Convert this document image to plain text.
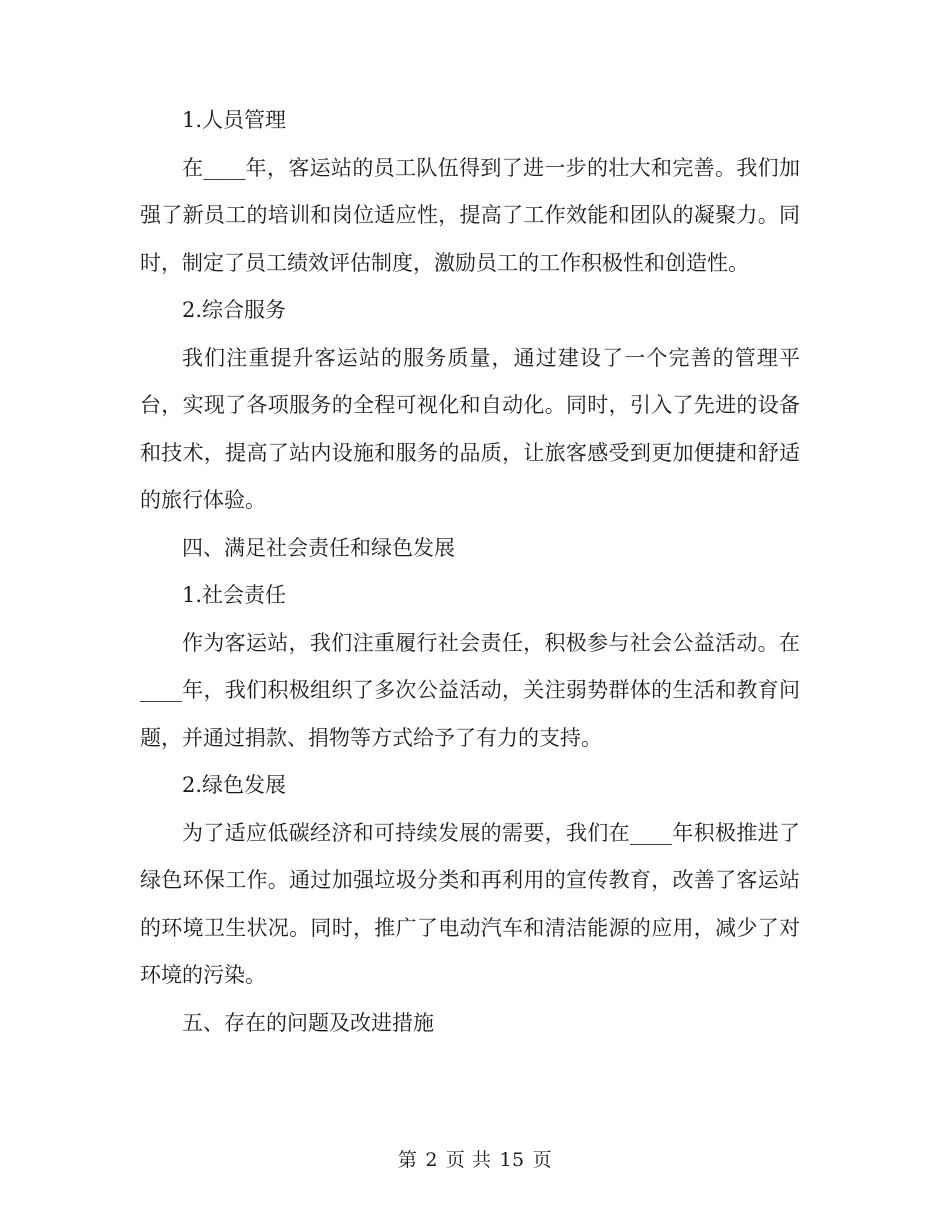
1.人员管理

在____年，客运站的员工队伍得到了进一步的壮大和完善。我们加强了新员工的培训和岗位适应性，提高了工作效能和团队的凝聚力。同时，制定了员工绩效评估制度，激励员工的工作积极性和创造性。

2.综合服务

我们注重提升客运站的服务质量，通过建设了一个完善的管理平台，实现了各项服务的全程可视化和自动化。同时，引入了先进的设备和技术，提高了站内设施和服务的品质，让旅客感受到更加便捷和舒适的旅行体验。

四、满足社会责任和绿色发展

1.社会责任

作为客运站，我们注重履行社会责任，积极参与社会公益活动。在____年，我们积极组织了多次公益活动，关注弱势群体的生活和教育问题，并通过捐款、捐物等方式给予了有力的支持。

2.绿色发展

为了适应低碳经济和可持续发展的需要，我们在____年积极推进了绿色环保工作。通过加强垃圾分类和再利用的宣传教育，改善了客运站的环境卫生状况。同时，推广了电动汽车和清洁能源的应用，减少了对环境的污染。

五、存在的问题及改进措施

第 2 页 共 15 页
